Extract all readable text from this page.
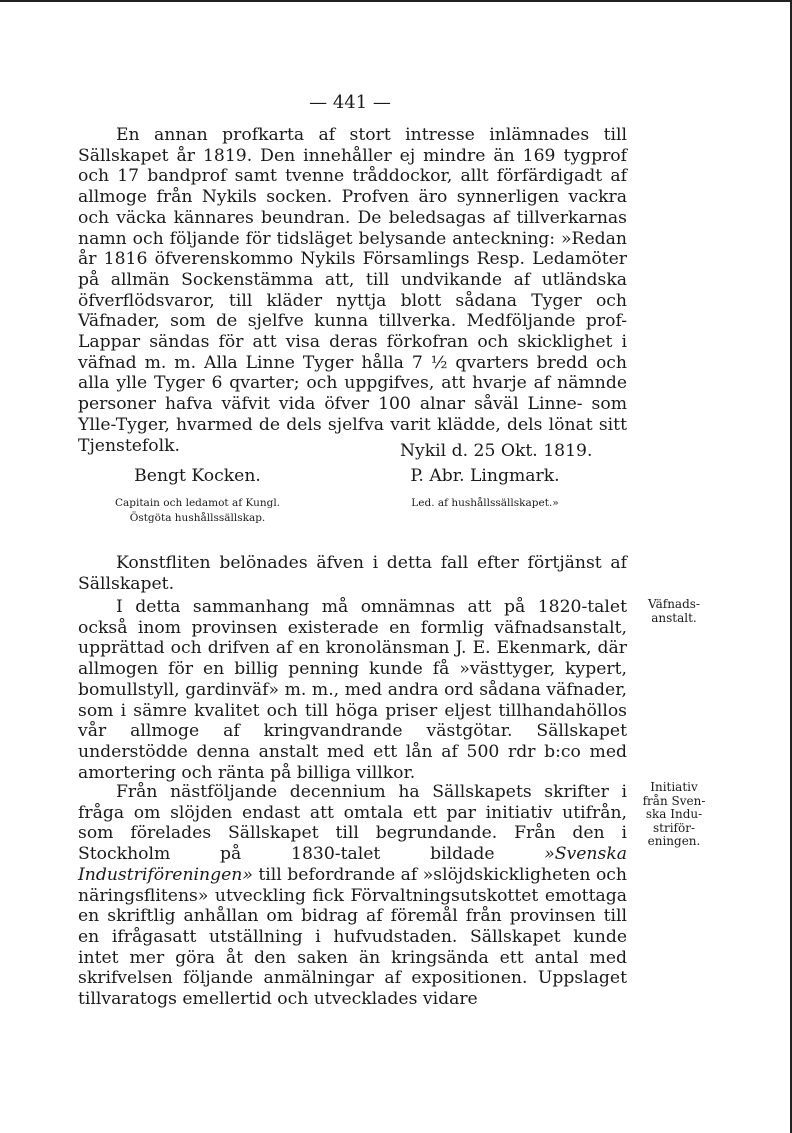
— 441 —

En annan profkarta af stort intresse inlämnades till Sällskapet år 1819. Den innehåller ej mindre än 169 tygprof och 17 bandprof samt tvenne tråddockor, allt förfärdigadt af allmoge från Nykils socken. Profven äro synnerligen vackra och väcka kännares beundran. De beledsagas af tillverkarnas namn och följande för tidsläget belysande anteckning: »Redan år 1816 öfverenskommo Nykils Församlings Resp. Ledamöter på allmän Sockenstämma att, till undvikande af utländska öfverflödsvaror, till kläder nyttja blott sådana Tyger och Väfnader, som de sjelfve kunna tillverka. Medföljande prof-Lappar sändas för att visa deras förkofran och skicklighet i väfnad m. m. Alla Linne Tyger hålla 7 ½ qvarters bredd och alla ylle Tyger 6 qvarter; och uppgifves, att hvarje af nämnde personer hafva väfvit vida öfver 100 alnar såväl Linne- som Ylle-Tyger, hvarmed de dels sjelfva varit klädde, dels lönat sitt Tjenstefolk.	Nykil d. 25 Okt. 1819.
Bengt Kocken.
Capitain och ledamot af Kungl.
Östgöta hushållssällskap.
P. Abr. Lingmark.
Led. af hushållssällskapet.»

Konstfliten belönades äfven i detta fall efter förtjänst af Sällskapet.

I detta sammanhang må omnämnas att på 1820-talet också inom provinsen existerade en formlig väfnadsanstalt, upprättad och drifven af en kronolänsman J. E. Ekenmark, där allmogen för en billig penning kunde få »västtyger, kypert, bomullstyll, gardinväf» m. m., med andra ord sådana väfnader, som i sämre kvalitet och till höga priser eljest tillhandahöllos vår allmoge af kringvandrande västgötar. Sällskapet understödde denna anstalt med ett lån af 500 rdr b:co med amortering och ränta på billiga villkor.

Från nästföljande decennium ha Sällskapets skrifter i fråga om slöjden endast att omtala ett par initiativ utifrån, som förelades Sällskapet till begrundande. Från den i Stockholm på 1830-talet bildade »Svenska Industriföreningen» till befordrande af »slöjdskickligheten och näringsflitens» utveckling fick Förvaltningsutskottet emottaga en skriftlig anhållan om bidrag af föremål från provinsen till en ifrågasatt utställning i hufvudstaden. Sällskapet kunde intet mer göra åt den saken än kringsända ett antal med skrifvelsen följande anmälningar af expositionen. Uppslaget tillvaratogs emellertid och utvecklades vidare

Väfnads-
anstalt.
Initiativ
från Sven-
ska Indu-
striför-
eningen.
